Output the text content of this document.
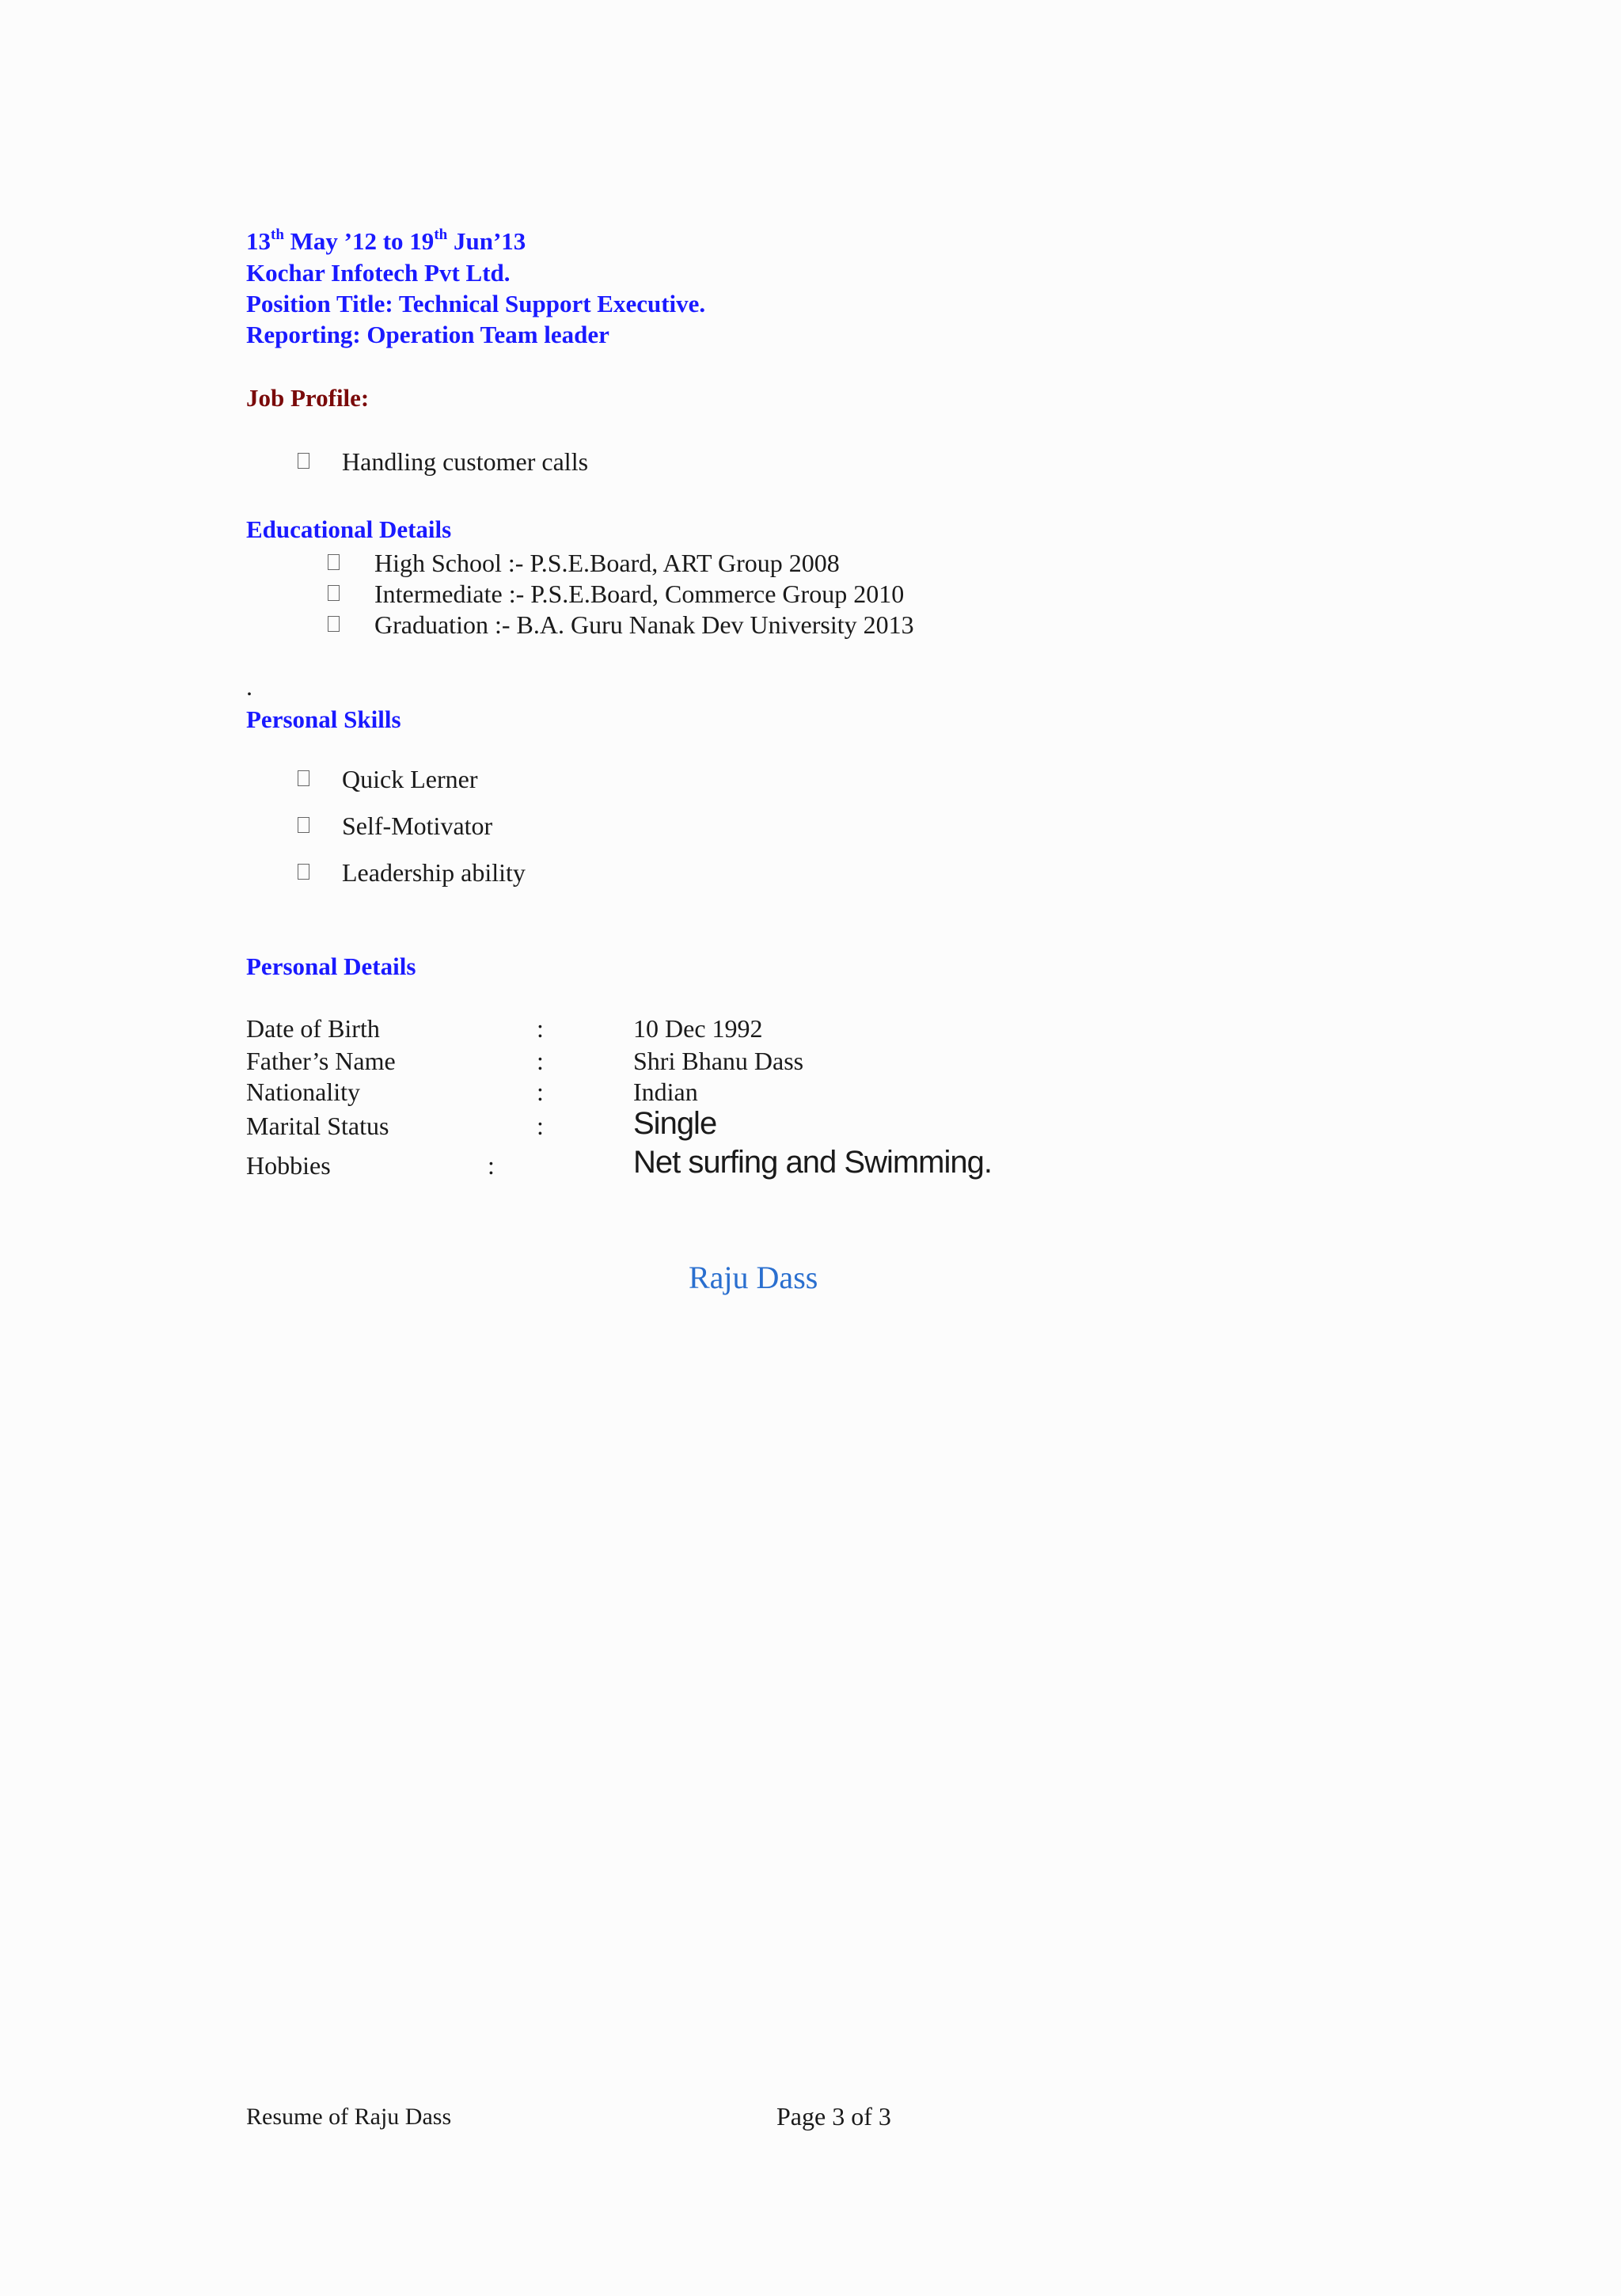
13th May ’12 to 19th Jun’13
Kochar Infotech Pvt Ltd.
Position Title: Technical Support Executive.
Reporting: Operation Team leader
Job Profile:
Handling customer calls
Educational Details
High School :- P.S.E.Board, ART Group 2008
Intermediate :- P.S.E.Board, Commerce Group 2010
Graduation :- B.A. Guru Nanak Dev University 2013
.
Personal Skills
Quick Lerner
Self-Motivator
Leadership ability
Personal Details
Date of Birth	:	10 Dec 1992
Father’s Name	:	Shri Bhanu Dass
Nationality	:	Indian
Marital Status	:	Single
Hobbies	:	Net surfing and Swimming.
Raju Dass
Resume of Raju Dass	Page 3 of 3
